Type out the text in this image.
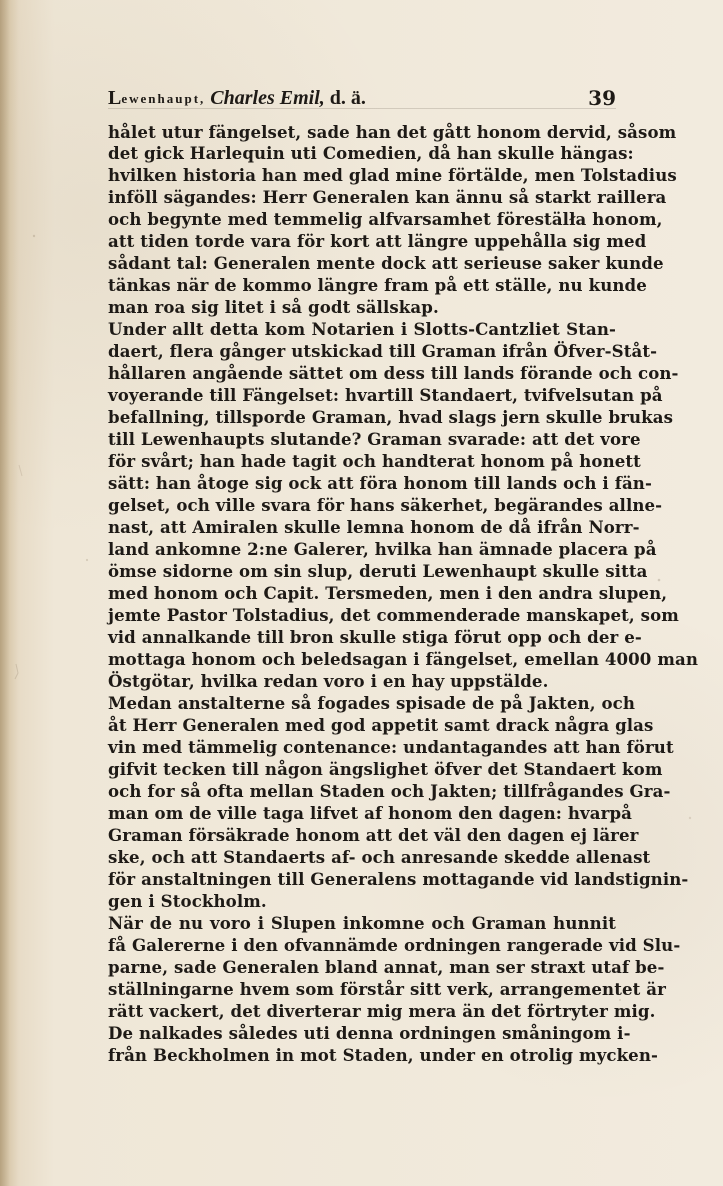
Lewenhaupt, Charles Emil, d. ä.	39
hålet utur fängelset, sade han det gått honom dervid, såsom
det gick Harlequin uti Comedien, då han skulle hängas:
hvilken historia han med glad mine förtälde, men Tolstadius
inföll sägandes: Herr Generalen kan ännu så starkt raillera
och begynte med temmelig alfvarsamhet förestälła honom,
att tiden torde vara för kort att längre uppehålla sig med
sådant tal: Generalen mente dock att serieuse saker kunde
tänkas när de kommo längre fram på ett ställe, nu kunde
man roa sig litet i så godt sällskap.
Under allt detta kom Notarien i Slotts-Cantzliet Stan-
daert, flera gånger utskickad till Graman ifrån Öfver-Ståt-
hållaren angående sättet om dess till lands förande och con-
voyerande till Fängelset: hvartill Standaert, tvifvelsutan på
befallning, tillsporde Graman, hvad slags jern skulle brukas
till Lewenhaupts slutande? Graman svarade: att det vore
för svårt; han hade tagit och handterat honom på honett
sätt: han åtoge sig ock att föra honom till lands och i fän-
gelset, och ville svara för hans säkerhet, begärandes allne-
nast, att Amiralen skulle lemna honom de då ifrån Norr-
land ankomne 2:ne Galerer, hvilka han ämnade placera på
ömse sidorne om sin slup, deruti Lewenhaupt skulle sitta
med honom och Capit. Tersmeden, men i den andra slupen,
jemte Pastor Tolstadius, det commenderade manskapet, som
vid annalkande till bron skulle stiga förut opp och der e-
mottaga honom och beledsagan i fängelset, emellan 4000 man
Östgötar, hvilka redan voro i en hay uppstälde.
Medan anstalterne så fogades spisade de på Jakten, och
åt Herr Generalen med god appetit samt drack några glas
vin med tämmelig contenance: undantagandes att han förut
gifvit tecken till någon ängslighet öfver det Standaert kom
och for så ofta mellan Staden och Jakten; tillfrågandes Gra-
man om de ville taga lifvet af honom den dagen: hvarpå
Graman försäkrade honom att det väl den dagen ej lärer
ske, och att Standaerts af- och anresande skedde allenast
för anstaltningen till Generalens mottagande vid landstignin-
gen i Stockholm.
När de nu voro i Slupen inkomne och Graman hunnit
få Galererne i den ofvannämde ordningen rangerade vid Slu-
parne, sade Generalen bland annat, man ser straxt utaf be-
ställningarne hvem som förstår sitt verk, arrangementet är
rätt vackert, det diverterar mig mera än det förtryter mig.
De nalkades således uti denna ordningen småningom i-
från Beckholmen in mot Staden, under en otrolig mycken-
